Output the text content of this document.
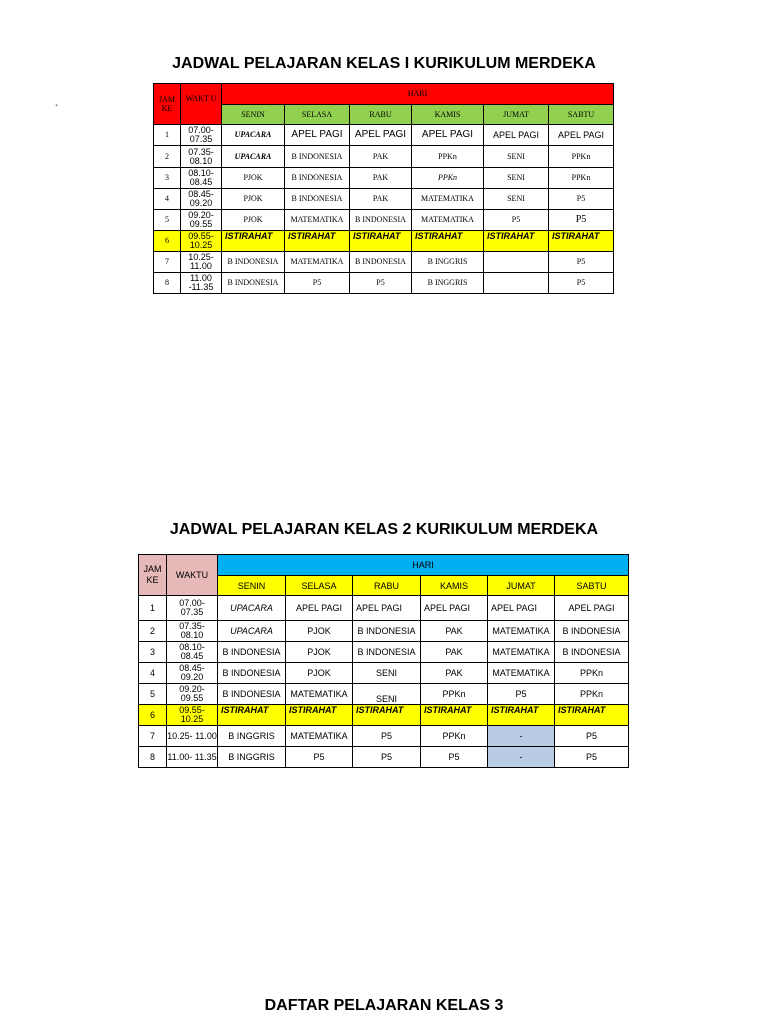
`
JADWAL PELAJARAN KELAS I KURIKULUM MERDEKA
JAM KE	WAKT U	HARI					
		SENIN	SELASA	RABU	KAMIS	JUMAT	SABTU
1	07.00- 07.35	UPACARA	APEL PAGI	APEL PAGI	APEL PAGI	APEL PAGI	APEL PAGI
2	07.35- 08.10	UPACARA	B INDONESIA	PAK	PPKn	SENI	PPKn
3	08.10- 08.45	PJOK	B INDONESIA	PAK	PPKn	SENI	PPKn
4	08.45- 09.20	PJOK	B INDONESIA	PAK	MATEMATIKA	SENI	P5
5	09.20- 09.55	PJOK	MATEMATIKA	B INDONESIA	MATEMATIKA	P5	P5
6	09.55- 10.25	ISTIRAHAT	ISTIRAHAT	ISTIRAHAT	ISTIRAHAT	ISTIRAHAT	ISTIRAHAT
7	10.25- 11.00	B INDONESIA	MATEMATIKA	B INDONESIA	B INGGRIS		P5
8	11.00 -11.35	B INDONESIA	P5	P5	B INGGRIS		P5
JADWAL PELAJARAN KELAS 2 KURIKULUM MERDEKA
JAM KE	WAKTU	HARI					
		SENIN	SELASA	RABU	KAMIS	JUMAT	SABTU
1	07.00- 07.35	UPACARA	APEL PAGI	APEL PAGI	APEL PAGI	APEL PAGI	APEL PAGI
2	07.35- 08.10	UPACARA	PJOK	B INDONESIA	PAK	MATEMATIKA	B INDONESIA
3	08.10- 08.45	B INDONESIA	PJOK	B INDONESIA	PAK	MATEMATIKA	B INDONESIA
4	08.45- 09.20	B INDONESIA	PJOK	SENI	PAK	MATEMATIKA	PPKn
5	09.20- 09.55	B INDONESIA	MATEMATIKA	SENI	PPKn	P5	PPKn
6	09.55- 10.25	ISTIRAHAT	ISTIRAHAT	ISTIRAHAT	ISTIRAHAT	ISTIRAHAT	ISTIRAHAT
7	10.25- 11.00	B INGGRIS	MATEMATIKA	P5	PPKn	-	P5
8	11.00- 11.35	B INGGRIS	P5	P5	P5	-	P5
DAFTAR PELAJARAN KELAS 3
